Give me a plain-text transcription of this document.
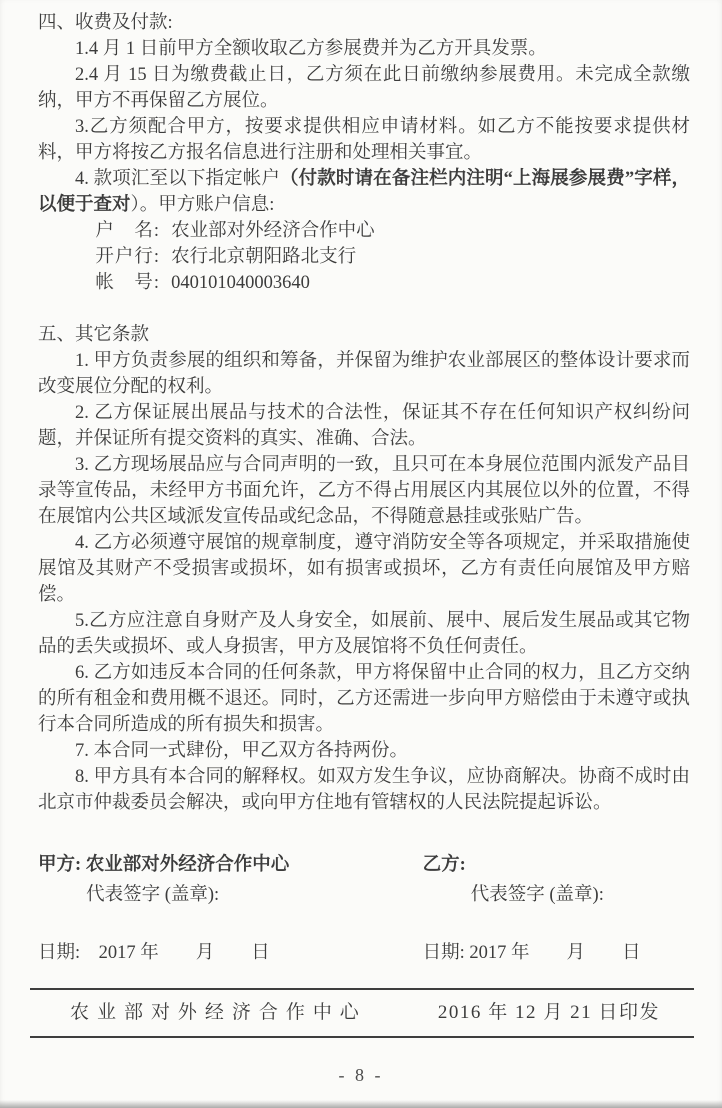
四、收费及付款:

1.4 月 1 日前甲方全额收取乙方参展费并为乙方开具发票。

2.4 月 15 日为缴费截止日，乙方须在此日前缴纳参展费用。未完成全款缴纳，甲方不再保留乙方展位。

3.乙方须配合甲方，按要求提供相应申请材料。如乙方不能按要求提供材料，甲方将按乙方报名信息进行注册和处理相关事宜。

4. 款项汇至以下指定帐户（付款时请在备注栏内注明“上海展参展费”字样，以便于查对）。甲方账户信息:

户　名: 农业部对外经济合作中心

开户行: 农行北京朝阳路北支行

帐　号: 040101040003640

五、其它条款

1. 甲方负责参展的组织和筹备，并保留为维护农业部展区的整体设计要求而改变展位分配的权利。

2. 乙方保证展出展品与技术的合法性，保证其不存在任何知识产权纠纷问题，并保证所有提交资料的真实、准确、合法。

3. 乙方现场展品应与合同声明的一致，且只可在本身展位范围内派发产品目录等宣传品，未经甲方书面允许，乙方不得占用展区内其展位以外的位置，不得在展馆内公共区域派发宣传品或纪念品，不得随意悬挂或张贴广告。

4. 乙方必须遵守展馆的规章制度，遵守消防安全等各项规定，并采取措施使展馆及其财产不受损害或损坏，如有损害或损坏，乙方有责任向展馆及甲方赔偿。

5.乙方应注意自身财产及人身安全，如展前、展中、展后发生展品或其它物品的丢失或损坏、或人身损害，甲方及展馆将不负任何责任。

6. 乙方如违反本合同的任何条款，甲方将保留中止合同的权力，且乙方交纳的所有租金和费用概不退还。同时，乙方还需进一步向甲方赔偿由于未遵守或执行本合同所造成的所有损失和损害。

7. 本合同一式肆份，甲乙双方各持两份。

8. 甲方具有本合同的解释权。如双方发生争议，应协商解决。协商不成时由北京市仲裁委员会解决，或向甲方住地有管辖权的人民法院提起诉讼。

甲方: 农业部对外经济合作中心

代表签字 (盖章):

日期:　2017 年　　月　　日

乙方:

代表签字 (盖章):

日期: 2017 年　　月　　日

农业部对外经济合作中心	2016 年 12 月 21 日印发
- 8 -
